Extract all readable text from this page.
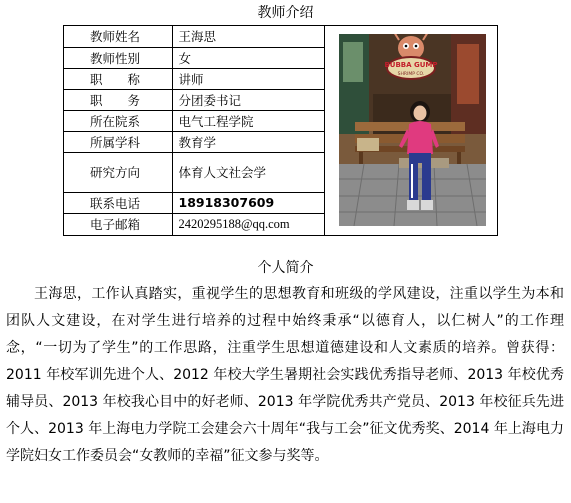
教师介绍
教师姓名	王海思
教师性别	女
职　　称	讲师
职　　务	分团委书记
所在院系	电气工程学院
所属学科	教育学
研究方向	体育人文社会学
联系电话	18918307609
电子邮箱	2420295188@qq.com
BUBBA GUMP
SHRIMP CO.
个人简介

王海思，工作认真踏实，重视学生的思想教育和班级的学风建设，注重以学生为本和团队人文建设，在对学生进行培养的过程中始终秉承“以德育人，以仁树人”的工作理念，“一切为了学生”的工作思路，注重学生思想道德建设和人文素质的培养。曾获得：2011 年校军训先进个人、2012 年校大学生暑期社会实践优秀指导老师、2013 年校优秀辅导员、2013 年校我心目中的好老师、2013 年学院优秀共产党员、2013 年校征兵先进个人、2013 年上海电力学院工会建会六十周年“我与工会”征文优秀奖、2014 年上海电力学院妇女工作委员会“女教师的幸福”征文参与奖等。
